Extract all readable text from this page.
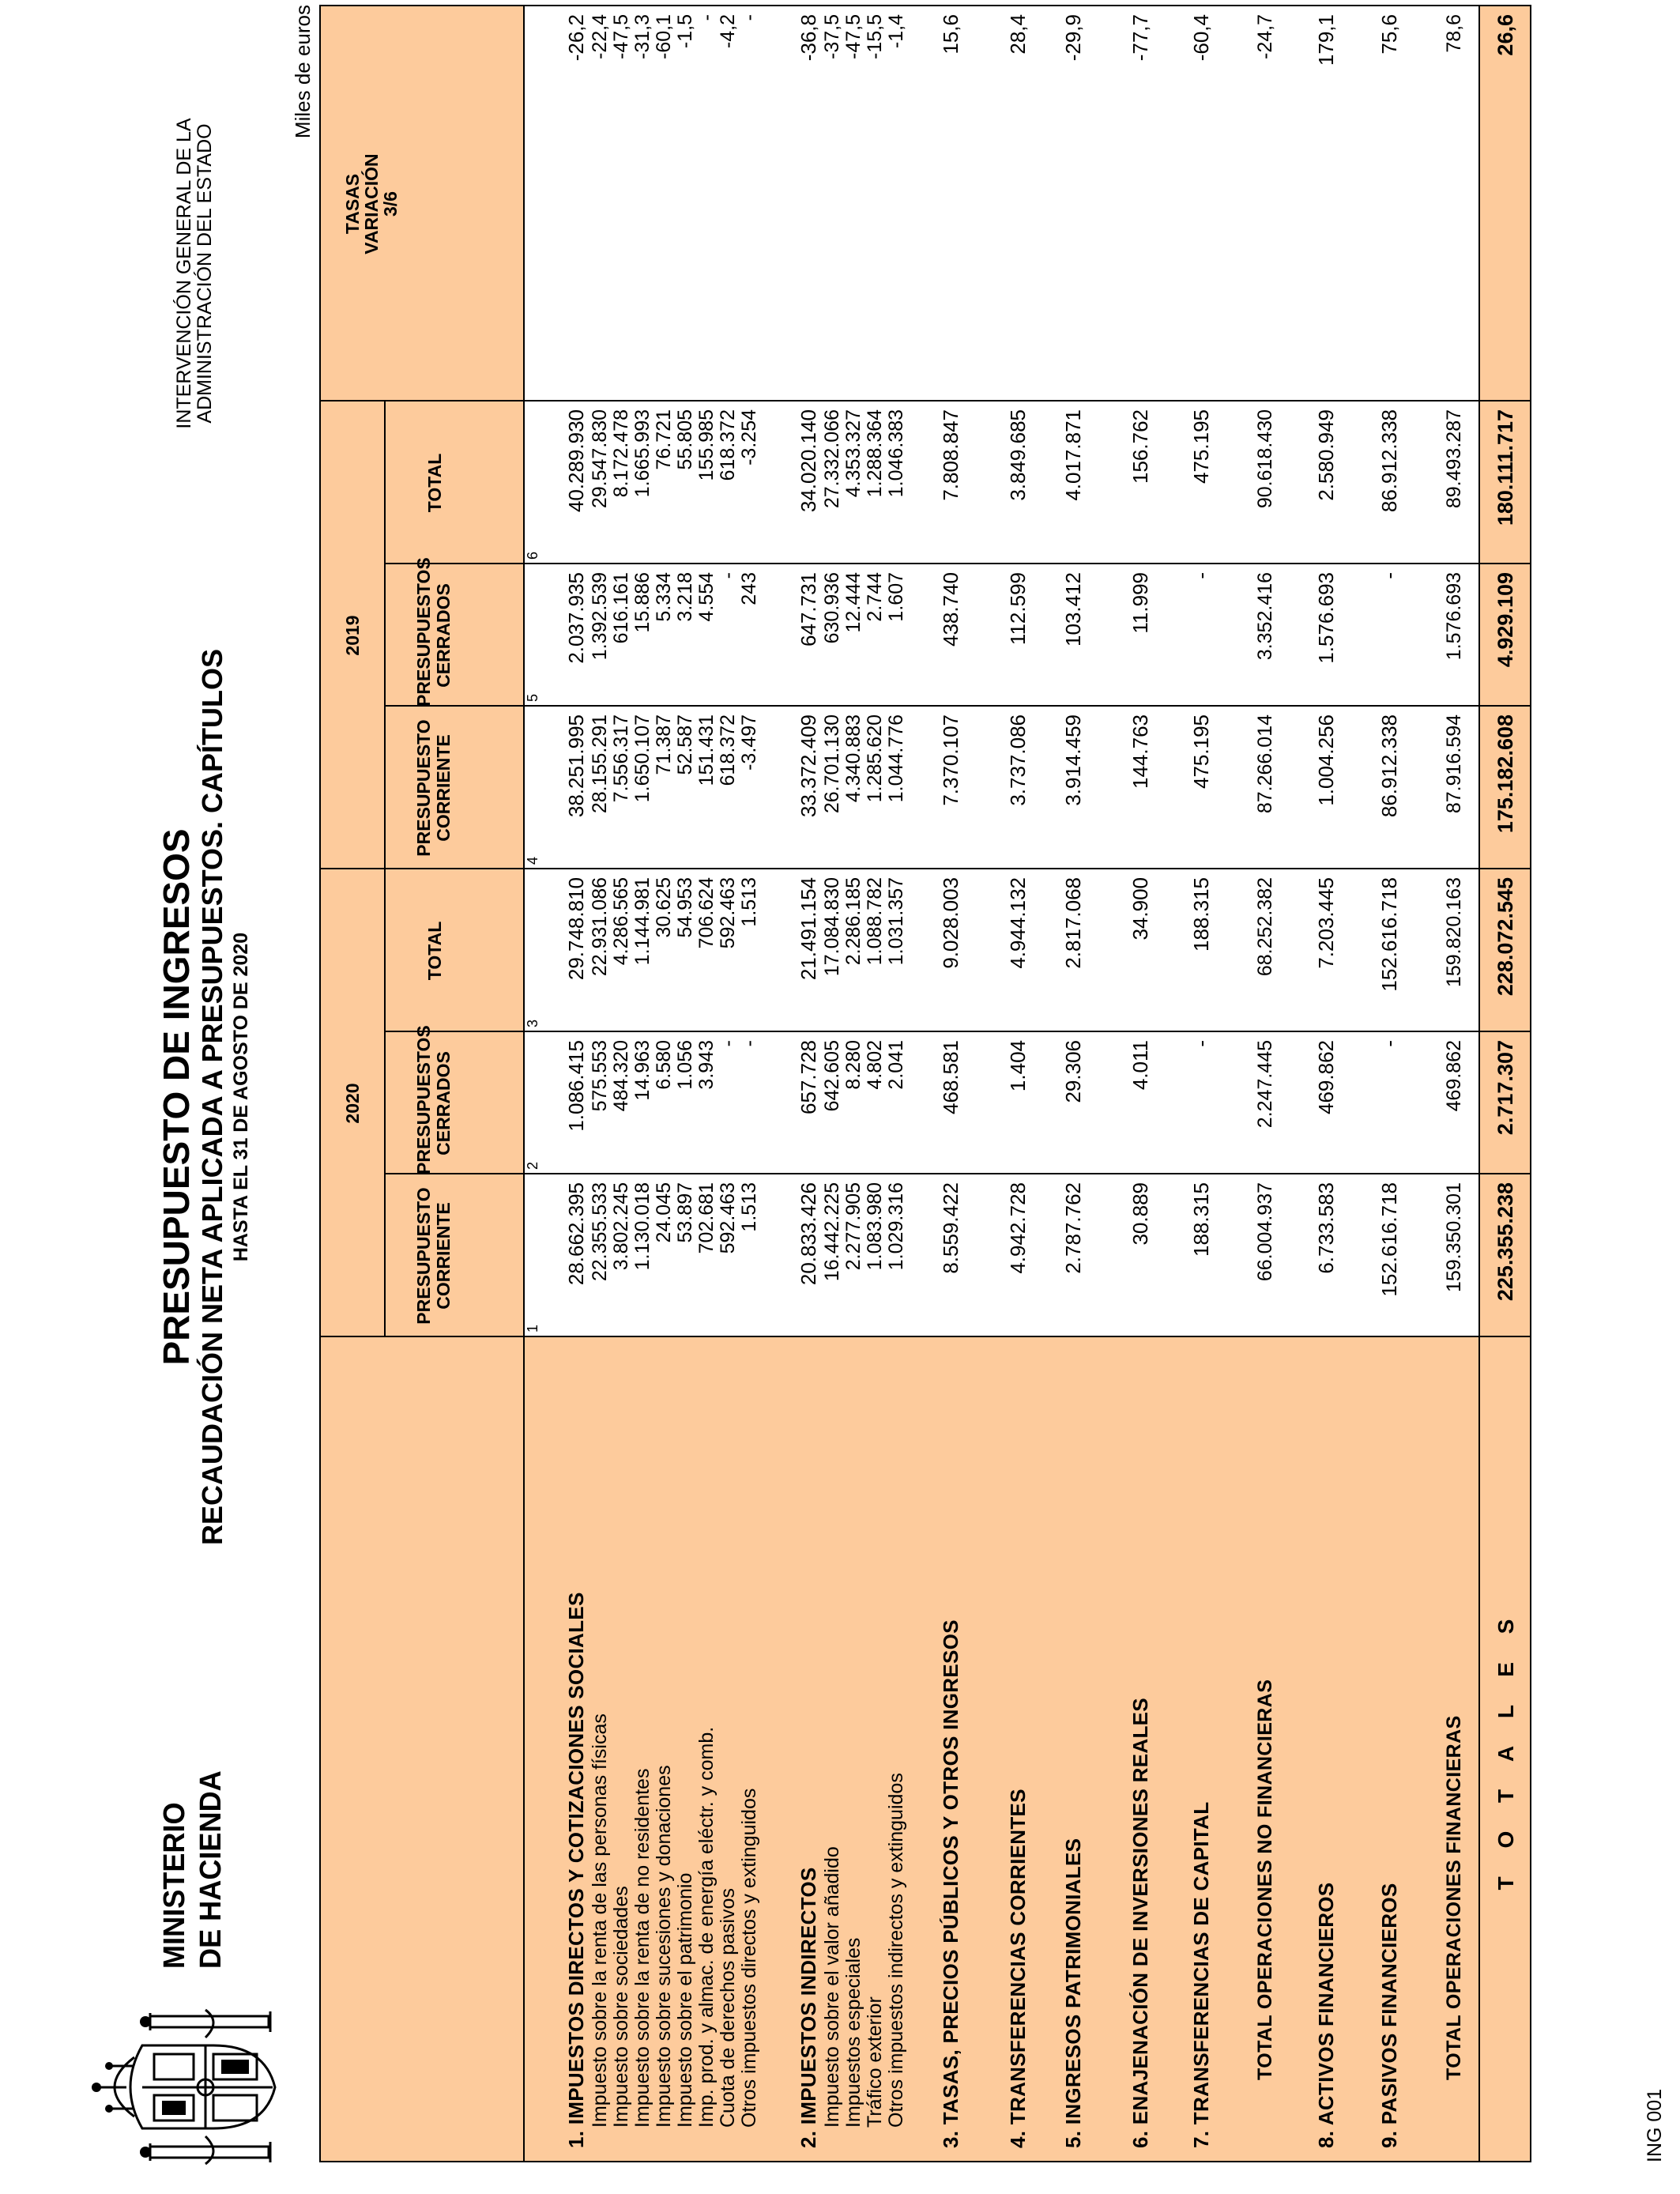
MINISTERIO DE HACIENDA
PRESUPUESTO DE INGRESOS RECAUDACIÓN NETA APLICADA A PRESUPUESTOS. CAPÍTULOS HASTA EL 31 DE AGOSTO DE 2020
INTERVENCIÓN GENERAL DE LA
ADMINISTRACIÓN DEL ESTADO
Miles de euros
ING 001
2020
2019
PRESUPUESTO
CORRIENTE
PRESUPUESTOS
CERRADOS
TOTAL
PRESUPUESTO
CORRIENTE
PRESUPUESTOS
CERRADOS
TOTAL
TASAS
VARIACIÓN
3/6
1
2
3
4
5
6
1. IMPUESTOS DIRECTOS Y COTIZACIONES SOCIALES
28.662.395
1.086.415
29.748.810
38.251.995
2.037.935
40.289.930
-26,2
Impuesto sobre la renta de las personas físicas
22.355.533
575.553
22.931.086
28.155.291
1.392.539
29.547.830
-22,4
Impuesto sobre sociedades
3.802.245
484.320
4.286.565
7.556.317
616.161
8.172.478
-47,5
Impuesto sobre la renta de no residentes
1.130.018
14.963
1.144.981
1.650.107
15.886
1.665.993
-31,3
Impuesto sobre sucesiones y donaciones
24.045
6.580
30.625
71.387
5.334
76.721
-60,1
Impuesto sobre el patrimonio
53.897
1.056
54.953
52.587
3.218
55.805
-1,5
Imp. prod. y almac. de energía eléctr. y comb.
702.681
3.943
706.624
151.431
4.554
155.985
-
Cuota de derechos pasivos
592.463
-
592.463
618.372
-
618.372
-4,2
Otros impuestos directos y extinguidos
1.513
-
1.513
-3.497
243
-3.254
-
2. IMPUESTOS INDIRECTOS
20.833.426
657.728
21.491.154
33.372.409
647.731
34.020.140
-36,8
Impuesto sobre el valor añadido
16.442.225
642.605
17.084.830
26.701.130
630.936
27.332.066
-37,5
Impuestos especiales
2.277.905
8.280
2.286.185
4.340.883
12.444
4.353.327
-47,5
Tráfico exterior
1.083.980
4.802
1.088.782
1.285.620
2.744
1.288.364
-15,5
Otros impuestos indirectos y extinguidos
1.029.316
2.041
1.031.357
1.044.776
1.607
1.046.383
-1,4
3. TASAS, PRECIOS PÚBLICOS Y OTROS INGRESOS
8.559.422
468.581
9.028.003
7.370.107
438.740
7.808.847
15,6
4. TRANSFERENCIAS CORRIENTES
4.942.728
1.404
4.944.132
3.737.086
112.599
3.849.685
28,4
5. INGRESOS PATRIMONIALES
2.787.762
29.306
2.817.068
3.914.459
103.412
4.017.871
-29,9
6. ENAJENACIÓN DE INVERSIONES REALES
30.889
4.011
34.900
144.763
11.999
156.762
-77,7
7. TRANSFERENCIAS DE CAPITAL
188.315
-
188.315
475.195
-
475.195
-60,4
TOTAL OPERACIONES NO FINANCIERAS
66.004.937
2.247.445
68.252.382
87.266.014
3.352.416
90.618.430
-24,7
8. ACTIVOS FINANCIEROS
6.733.583
469.862
7.203.445
1.004.256
1.576.693
2.580.949
179,1
9. PASIVOS FINANCIEROS
152.616.718
-
152.616.718
86.912.338
-
86.912.338
75,6
TOTAL OPERACIONES FINANCIERAS
159.350.301
469.862
159.820.163
87.916.594
1.576.693
89.493.287
78,6
T O T A L E S
225.355.238
2.717.307
228.072.545
175.182.608
4.929.109
180.111.717
26,6
